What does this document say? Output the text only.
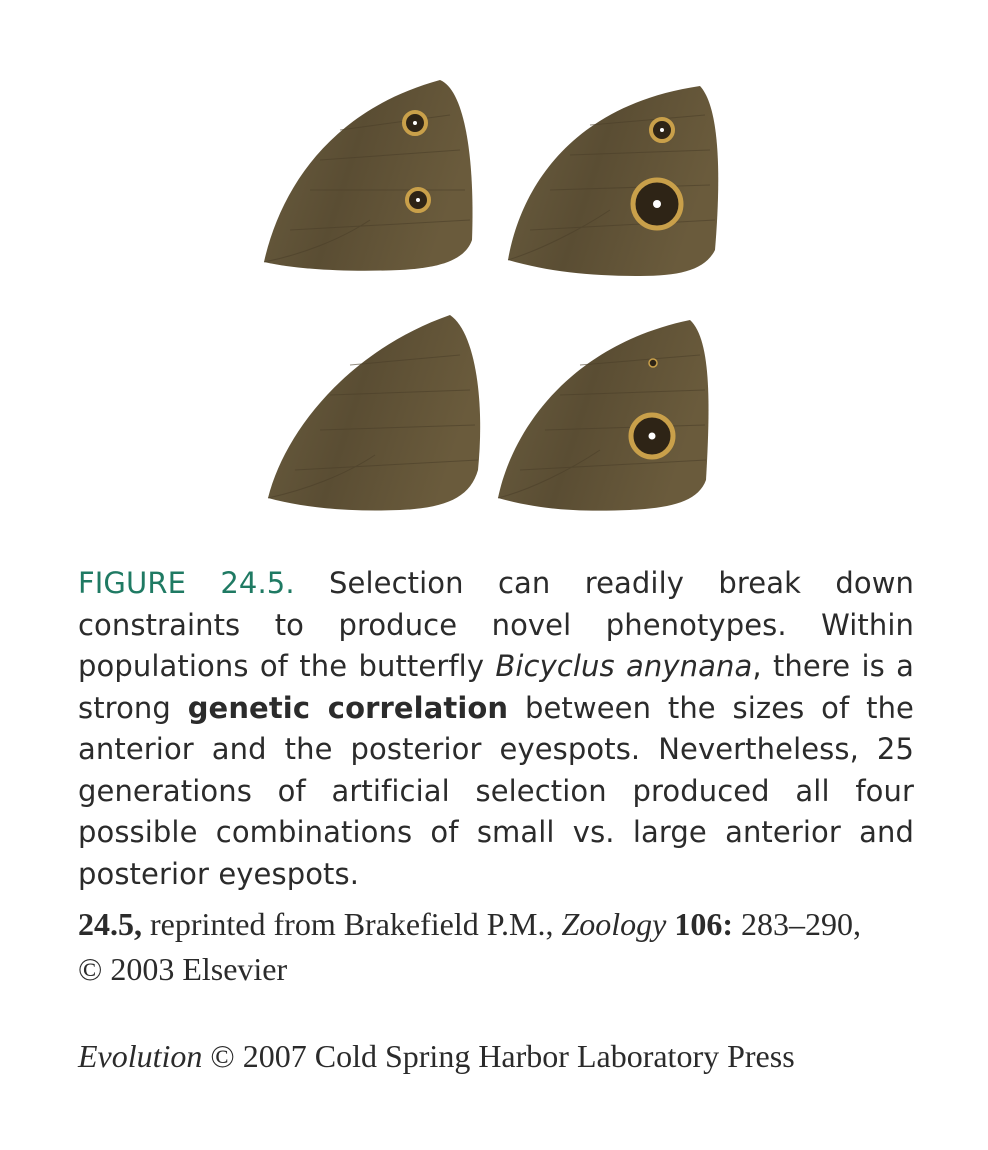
FIGURE 24.5. Selection can readily break down constraints to produce novel phenotypes. Within populations of the butterfly Bicyclus anynana, there is a strong genetic correlation between the sizes of the anterior and the posterior eyespots. Nevertheless, 25 generations of artificial selection produced all four possible combinations of small vs. large anterior and posterior eyespots.
24.5, reprinted from Brakefield P.M., Zoology 106: 283–290,
© 2003 Elsevier
Evolution © 2007 Cold Spring Harbor Laboratory Press
